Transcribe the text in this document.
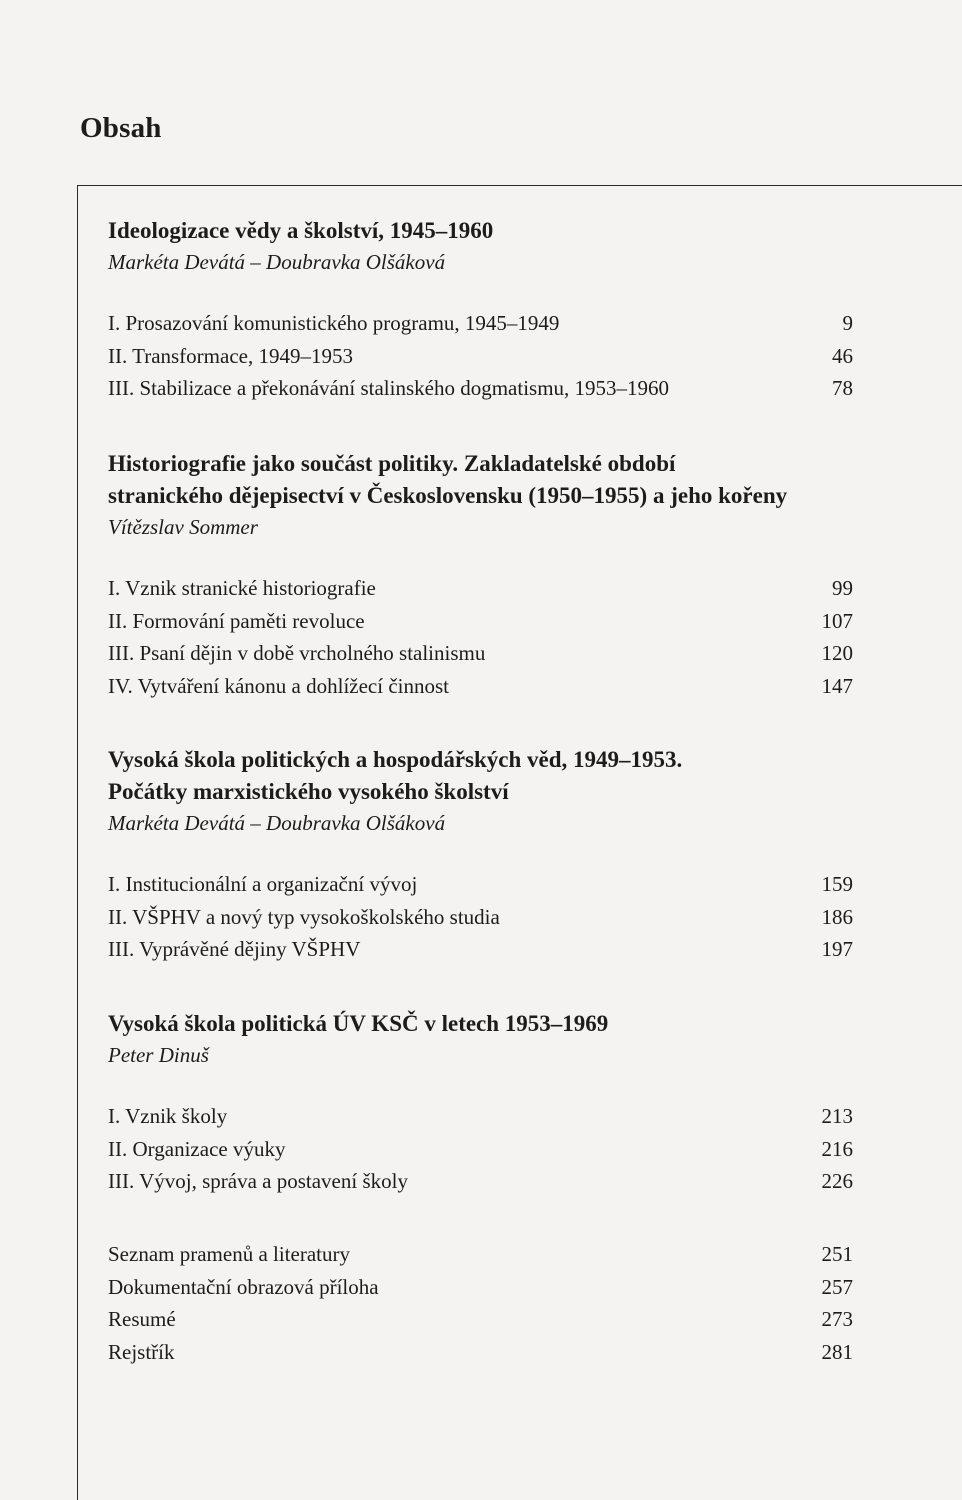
Obsah

Ideologizace vědy a školství, 1945–1960

Markéta Devátá – Doubravka Olšáková

I. Prosazování komunistického programu, 1945–1949	9
II. Transformace, 1949–1953	46
III. Stabilizace a překonávání stalinského dogmatismu, 1953–1960	78

Historiografie jako součást politiky. Zakladatelské období

stranického dějepisectví v Československu (1950–1955) a jeho kořeny

Vítězslav Sommer

I. Vznik stranické historiografie	99
II. Formování paměti revoluce	107
III. Psaní dějin v době vrcholného stalinismu	120
IV. Vytváření kánonu a dohlížecí činnost	147

Vysoká škola politických a hospodářských věd, 1949–1953.

Počátky marxistického vysokého školství

Markéta Devátá – Doubravka Olšáková

I. Institucionální a organizační vývoj	159
II. VŠPHV a nový typ vysokoškolského studia	186
III. Vyprávěné dějiny VŠPHV	197

Vysoká škola politická ÚV KSČ v letech 1953–1969

Peter Dinuš

I. Vznik školy	213
II. Organizace výuky	216
III. Vývoj, správa a postavení školy	226
Seznam pramenů a literatury	251
Dokumentační obrazová příloha	257
Resumé	273
Rejstřík	281
